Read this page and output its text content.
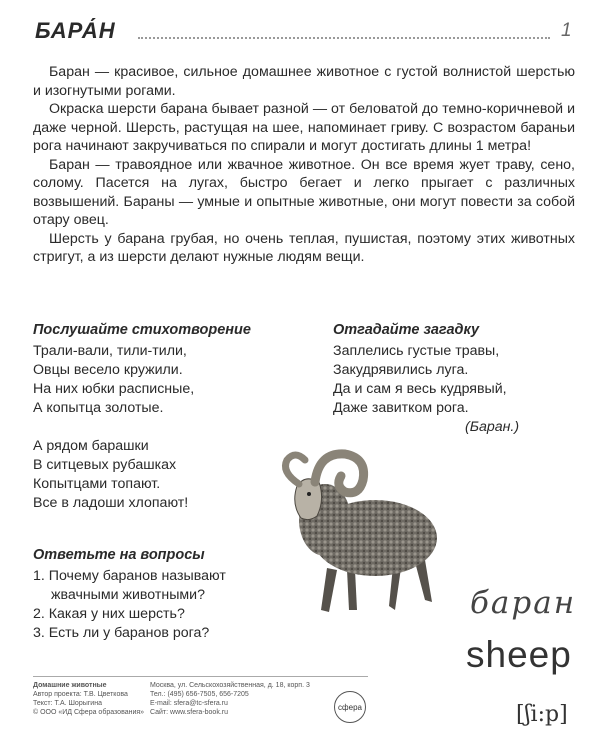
БАРА́Н	1

Баран — красивое, сильное домашнее животное с густой волнистой шерстью и изогнутыми рогами.

Окраска шерсти барана бывает разной — от беловатой до темно-коричневой и даже черной. Шерсть, растущая на шее, напоминает гриву. С возрастом бараньи рога начинают закручиваться по спирали и могут достигать длины 1 метра!

Баран — травоядное или жвачное животное. Он все время жует траву, сено, солому. Пасется на лугах, быстро бегает и легко прыгает с различных возвышений. Бараны — умные и опытные животные, они могут повести за собой отару овец.

Шерсть у барана грубая, но очень теплая, пушистая, поэтому этих животных стригут, а из шерсти делают нужные людям вещи.

Послушайте стихотворение
Трали-вали, тили-тили,
Овцы весело кружили.
На них юбки расписные,
А копытца золотые.
А рядом барашки
В ситцевых рубашках
Копытцами топают.
Все в ладоши хлопают!
Отгадайте загадку
Заплелись густые травы,
Закудрявились луга.
Да и сам я весь кудрявый,
Даже завитком рога.
(Баран.)
Ответьте на вопросы
1. Почему баранов называют
жвачными животными?
2. Какая у них шерсть?
3. Есть ли у баранов рога?
баран
sheep
[ʃi:p]
Домашние животные
Автор проекта: Т.В. Цветкова
Текст: Т.А. Шорыгина
© ООО «ИД Сфера образования»
Москва, ул. Сельскохозяйственная, д. 18, корп. 3
Тел.: (495) 656-7505, 656-7205
E-mail: sfera@tc-sfera.ru
Сайт: www.sfera-book.ru
сфера
